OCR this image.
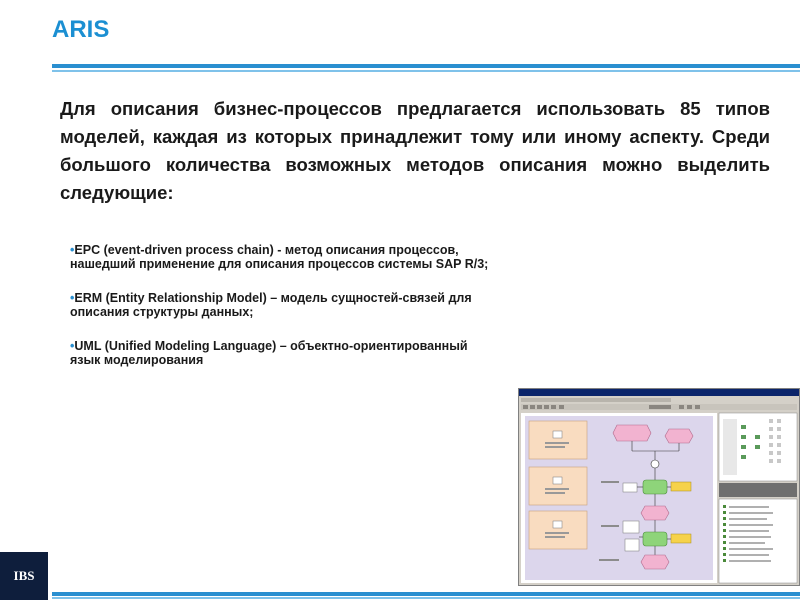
ARIS
Для описания бизнес-процессов предлагается использовать 85 типов моделей, каждая из которых принадлежит тому или иному аспекту. Среди большого количества возможных методов описания можно выделить следующие:
•EPC (event-driven process chain) - метод описания процессов, нашедший применение для описания процессов системы SAP R/3;
•ERM (Entity Relationship Model) – модель сущностей-связей для описания структуры данных;
•UML (Unified Modeling Language) – объектно-ориентированный язык моделирования
IBS
